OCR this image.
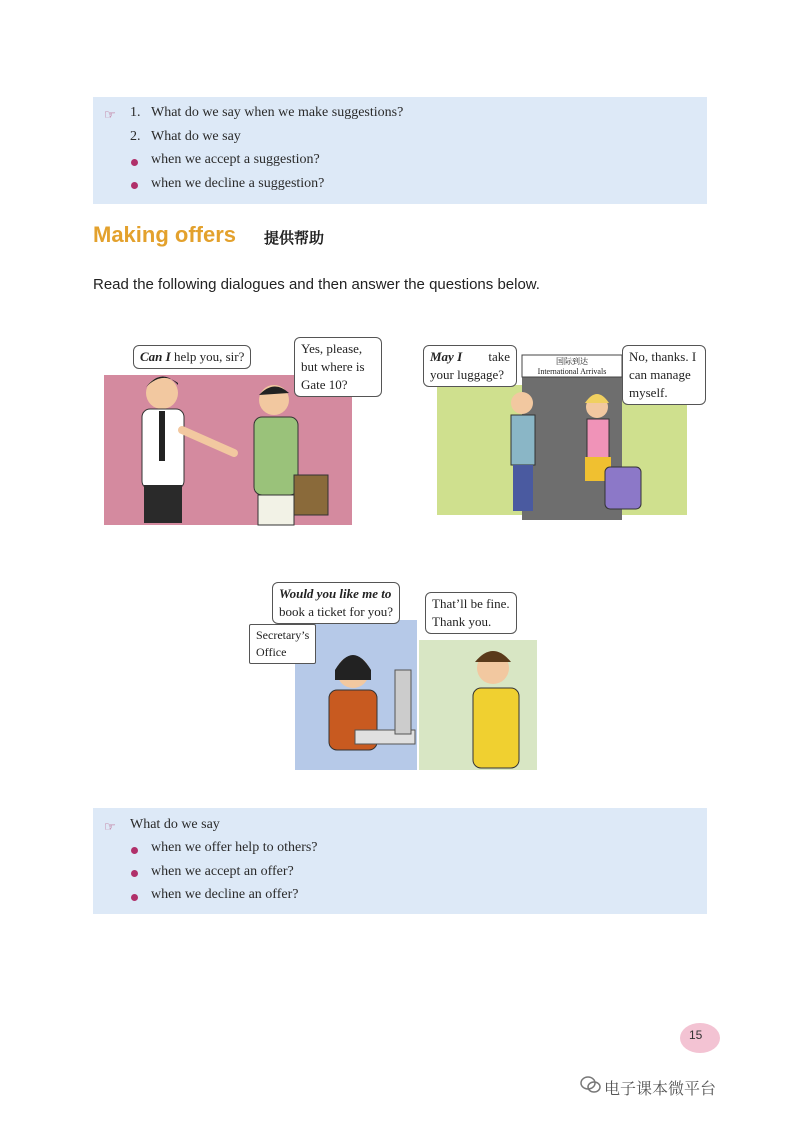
☞ 1. What do we say when we make suggestions?
2. What do we say
when we accept a suggestion?
when we decline a suggestion?
Making offers 提供帮助
Read the following dialogues and then answer the questions below.
Can I help you, sir?
Yes, please,
but where is
Gate 10?
May I take
your luggage?
国际到达
International Arrivals
No, thanks. I
can manage
myself.
Would you like me to
book a ticket for you?
Secretary’s
Office
That’ll be fine.
Thank you.
☞ What do we say
when we offer help to others?
when we accept an offer?
when we decline an offer?
15
电子课本微平台
